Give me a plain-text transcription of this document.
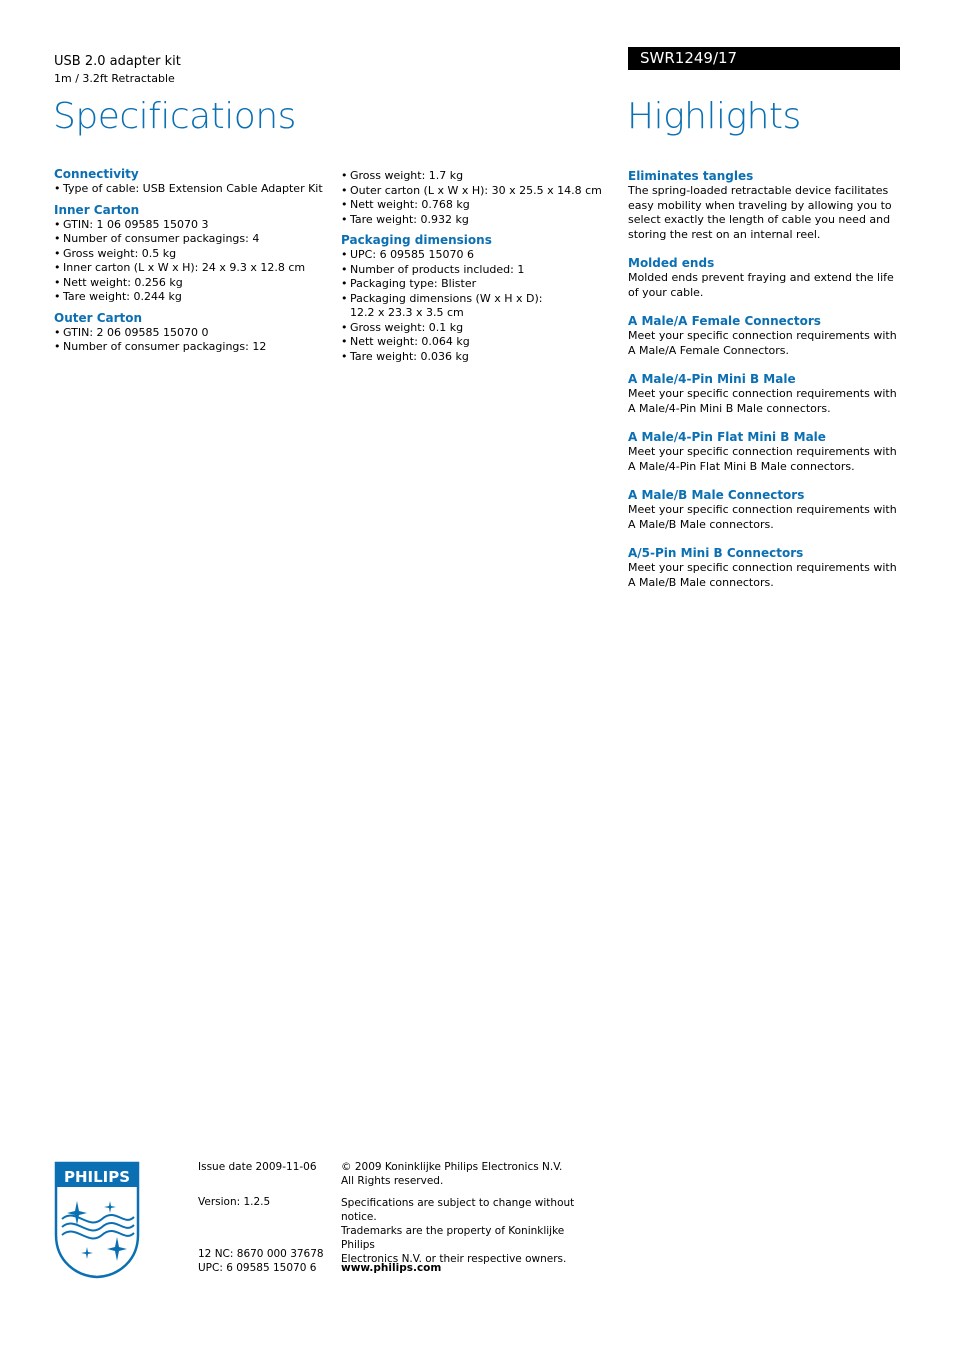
USB 2.0 adapter kit
1m / 3.2ft Retractable
Specifications
SWR1249/17
Highlights
Connectivity
• Type of cable: USB Extension Cable Adapter Kit
Inner Carton
• GTIN: 1 06 09585 15070 3
• Number of consumer packagings: 4
• Gross weight: 0.5 kg
• Inner carton (L x W x H): 24 x 9.3 x 12.8 cm
• Nett weight: 0.256 kg
• Tare weight: 0.244 kg
Outer Carton
• GTIN: 2 06 09585 15070 0
• Number of consumer packagings: 12
• Gross weight: 1.7 kg
• Outer carton (L x W x H): 30 x 25.5 x 14.8 cm
• Nett weight: 0.768 kg
• Tare weight: 0.932 kg
Packaging dimensions
• UPC: 6 09585 15070 6
• Number of products included: 1
• Packaging type: Blister
• Packaging dimensions (W x H x D): 12.2 x 23.3 x 3.5 cm
• Gross weight: 0.1 kg
• Nett weight: 0.064 kg
• Tare weight: 0.036 kg
Eliminates tangles
The spring-loaded retractable device facilitates easy mobility when traveling by allowing you to select exactly the length of cable you need and storing the rest on an internal reel.
Molded ends
Molded ends prevent fraying and extend the life of your cable.
A Male/A Female Connectors
Meet your specific connection requirements with A Male/A Female Connectors.
A Male/4-Pin Mini B Male
Meet your specific connection requirements with A Male/4-Pin Mini B Male connectors.
A Male/4-Pin Flat Mini B Male
Meet your specific connection requirements with A Male/4-Pin Flat Mini B Male connectors.
A Male/B Male Connectors
Meet your specific connection requirements with A Male/B Male connectors.
A/5-Pin Mini B Connectors
Meet your specific connection requirements with A Male/B Male connectors.
PHILIPS
Issue date 2009-11-06
Version: 1.2.5
12 NC: 8670 000 37678
UPC: 6 09585 15070 6
© 2009 Koninklijke Philips Electronics N.V.
All Rights reserved.
Specifications are subject to change without notice.
Trademarks are the property of Koninklijke Philips
Electronics N.V. or their respective owners.
www.philips.com
